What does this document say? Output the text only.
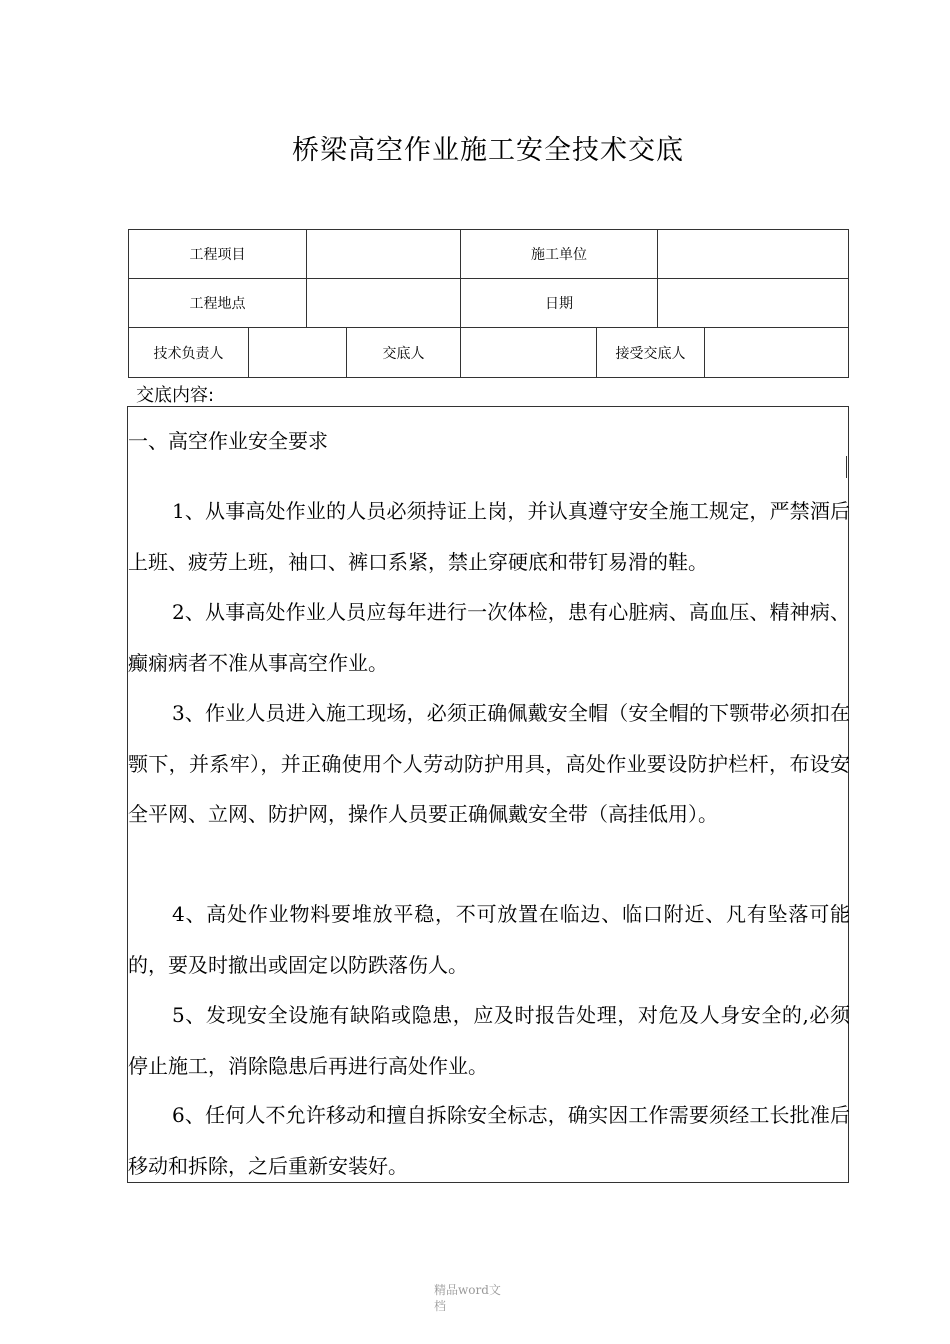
桥梁高空作业施工安全技术交底
工程项目	施工单位
工程地点	日期
技术负责人	交底人	接受交底人
交底内容:
一、高空作业安全要求
1、从事高处作业的人员必须持证上岗，并认真遵守安全施工规定，严禁酒后上班、疲劳上班，袖口、裤口系紧，禁止穿硬底和带钉易滑的鞋。
2、从事高处作业人员应每年进行一次体检，患有心脏病、高血压、精神病、癫痫病者不准从事高空作业。
3、作业人员进入施工现场，必须正确佩戴安全帽（安全帽的下颚带必须扣在颚下，并系牢），并正确使用个人劳动防护用具，高处作业要设防护栏杆，布设安全平网、立网、防护网，操作人员要正确佩戴安全带（高挂低用）。
4、高处作业物料要堆放平稳，不可放置在临边、临口附近、凡有坠落可能的，要及时撤出或固定以防跌落伤人。
5、发现安全设施有缺陷或隐患，应及时报告处理，对危及人身安全的,必须停止施工，消除隐患后再进行高处作业。
6、任何人不允许移动和擅自拆除安全标志，确实因工作需要须经工长批准后移动和拆除，之后重新安装好。
精品word文
档
